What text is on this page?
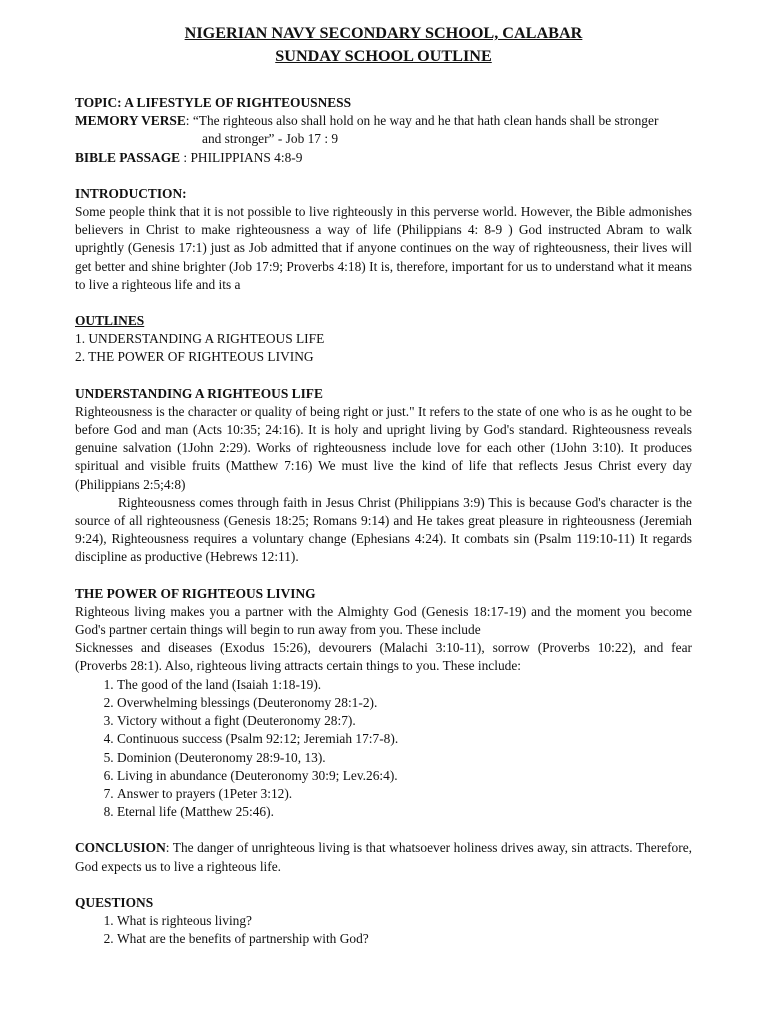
NIGERIAN NAVY SECONDARY SCHOOL, CALABAR
SUNDAY SCHOOL OUTLINE
TOPIC: A LIFESTYLE OF RIGHTEOUSNESS
MEMORY VERSE: “The righteous also shall hold on he way and he that hath clean hands shall be stronger
and stronger” - Job 17 : 9
BIBLE PASSAGE : PHILIPPIANS 4:8-9
INTRODUCTION:

Some people think that it is not possible to live righteously in this perverse world. However, the Bible admonishes believers in Christ to make righteousness a way of life (Philippians 4: 8-9 ) God instructed Abram to walk uprightly (Genesis 17:1) just as Job admitted that if anyone continues on the way of righteousness, their lives will get better and shine brighter (Job 17:9; Proverbs 4:18) It is, therefore, important for us to understand what it means to live a righteous life and its a

OUTLINES
1. UNDERSTANDING A RIGHTEOUS LIFE
2. THE POWER OF RIGHTEOUS LIVING
UNDERSTANDING A RIGHTEOUS LIFE

Righteousness is the character or quality of being right or just." It refers to the state of one who is as he ought to be before God and man (Acts 10:35; 24:16). It is holy and upright living by God's standard. Righteousness reveals genuine salvation (1John 2:29). Works of righteousness include love for each other (1John 3:10). It produces spiritual and visible fruits (Matthew 7:16) We must live the kind of life that reflects Jesus Christ every day (Philippians 2:5;4:8)

Righteousness comes through faith in Jesus Christ (Philippians 3:9) This is because God's character is the source of all righteousness (Genesis 18:25; Romans 9:14) and He takes great pleasure in righteousness (Jeremiah 9:24), Righteousness requires a voluntary change (Ephesians 4:24). It combats sin (Psalm 119:10-11) It regards discipline as productive (Hebrews 12:11).

THE POWER OF RIGHTEOUS LIVING

Righteous living makes you a partner with the Almighty God (Genesis 18:17-19) and the moment you become God's partner certain things will begin to run away from you. These include

Sicknesses and diseases (Exodus 15:26), devourers (Malachi 3:10-11), sorrow (Proverbs 10:22), and fear (Proverbs 28:1). Also, righteous living attracts certain things to you. These include:

1. The good of the land (Isaiah 1:18-19).
2. Overwhelming blessings (Deuteronomy 28:1-2).
3. Victory without a fight (Deuteronomy 28:7).
4. Continuous success (Psalm 92:12; Jeremiah 17:7-8).
5. Dominion (Deuteronomy 28:9-10, 13).
6. Living in abundance (Deuteronomy 30:9; Lev.26:4).
7. Answer to prayers (1Peter 3:12).
8. Eternal life (Matthew 25:46).

CONCLUSION: The danger of unrighteous living is that whatsoever holiness drives away, sin attracts. Therefore, God expects us to live a righteous life.

QUESTIONS
1. What is righteous living?
2. What are the benefits of partnership with God?
